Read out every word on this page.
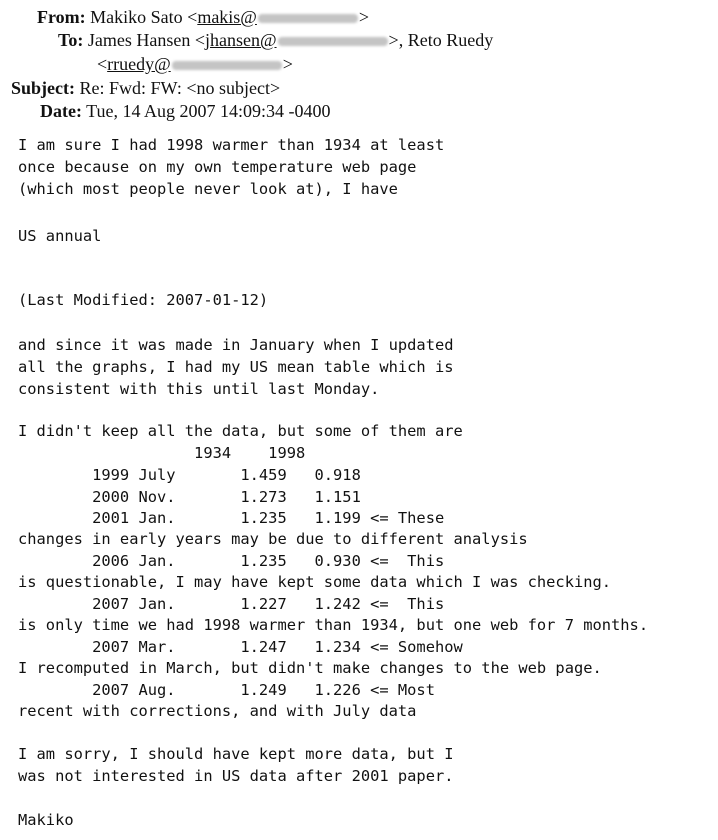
From: Makiko Sato <makis@	>
To: James Hansen <jhansen@	>, Reto Ruedy
<rruedy@	>
Subject: Re: Fwd: FW: <no subject>
Date: Tue, 14 Aug 2007 14:09:34 -0400
I am sure I had 1998 warmer than 1934 at least
once because on my own temperature web page
(which most people never look at), I have
US annual
(Last Modified: 2007-01-12)
and since it was made in January when I updated
all the graphs, I had my US mean table which is
consistent with this until last Monday.
I didn't keep all the data, but some of them are
1934    1998
1999 July       1.459   0.918
2000 Nov.       1.273   1.151
2001 Jan.       1.235   1.199 <= These
changes in early years may be due to different analysis
2006 Jan.       1.235   0.930 <=  This
is questionable, I may have kept some data which I was checking.
2007 Jan.       1.227   1.242 <=  This
is only time we had 1998 warmer than 1934, but one web for 7 months.
2007 Mar.       1.247   1.234 <= Somehow
I recomputed in March, but didn't make changes to the web page.
2007 Aug.       1.249   1.226 <= Most
recent with corrections, and with July data
I am sorry, I should have kept more data, but I
was not interested in US data after 2001 paper.
Makiko
